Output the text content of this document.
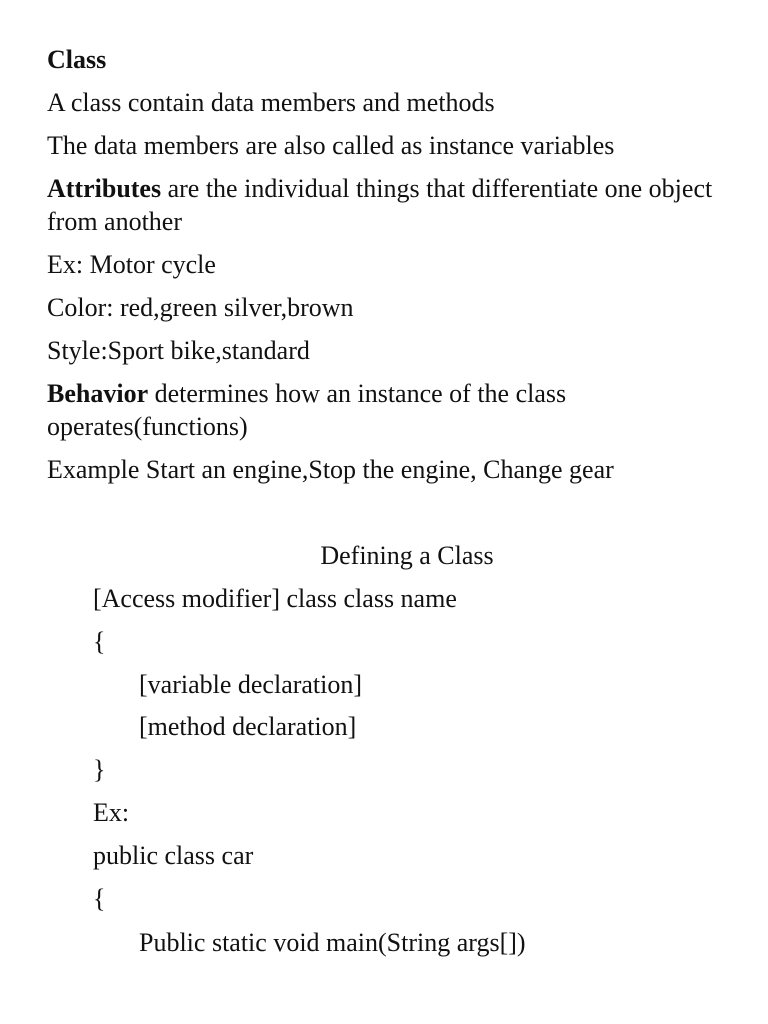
Class
A class contain data members and methods
The data members are also called as instance variables
Attributes are the individual things that differentiate one object from another
Ex: Motor cycle
Color: red,green silver,brown
Style:Sport bike,standard
Behavior determines how an instance of the class operates(functions)
Example Start an engine,Stop the engine, Change gear
Defining a Class
[Access modifier] class class name
{
[variable declaration]
[method declaration]
}
Ex:
public class car
{
Public static void main(String args[])
